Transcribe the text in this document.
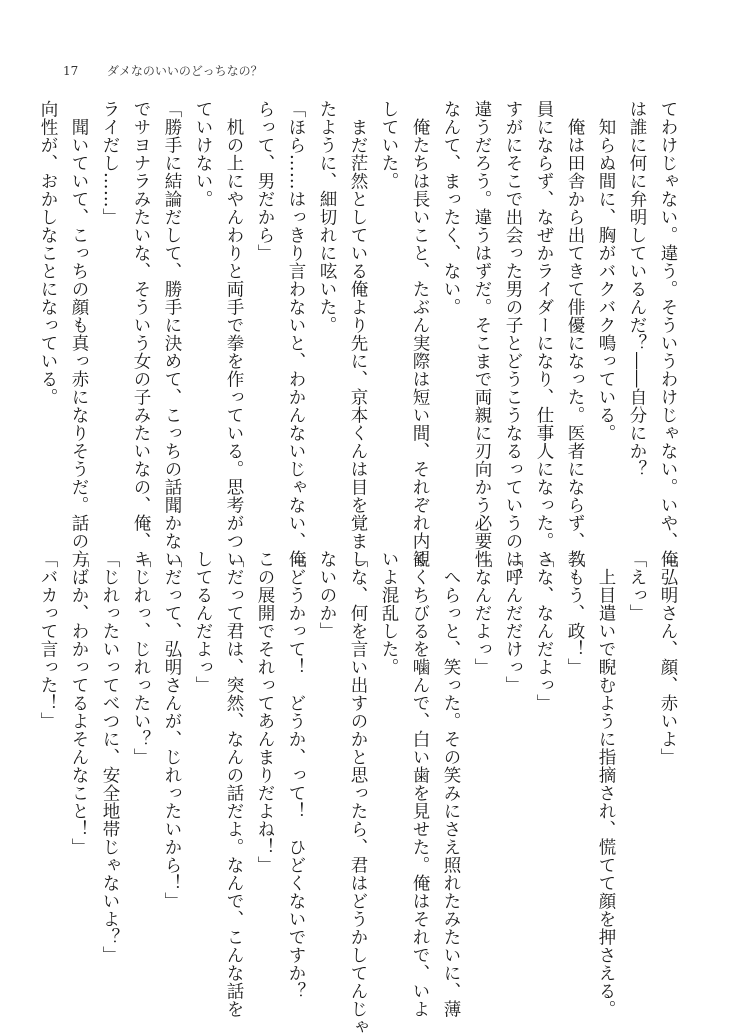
17 ダメなのいいのどっちなの？
てわけじゃない。違う。そういうわけじゃない。いや、俺
は誰に何に弁明しているんだ？――自分にか？
　知らぬ間に、胸がバクバク鳴っている。
　俺は田舎から出てきて俳優になった。医者にならず、教
員にならず、なぜかライダーになり、仕事人になった。さ
すがにそこで出会った男の子とどうこうなるっていうのは、
違うだろう。違うはずだ。そこまで両親に刃向かう必要性
なんて、まったく、ない。
　俺たちは長いこと、たぶん実際は短い間、それぞれ内観
していた。
　まだ茫然としている俺より先に、京本くんは目を覚まし
たように、細切れに呟いた。
「ほら……はっきり言わないと、わかんないじゃない、俺
らって、男だから」
　机の上にやんわりと両手で拳を作っている。思考がつい
ていけない。
「勝手に結論だして、勝手に決めて、こっちの話聞かない
でサヨナラみたいな、そういう女の子みたいなの、俺、キ
ライだし……」
　聞いていて、こっちの顔も真っ赤になりそうだ。話の方
向性が、おかしなことになっている。
「弘明さん、顔、赤いよ」
「えっ」
　上目遣いで睨むように指摘され、慌てて顔を押さえる。
「もう、政！」
「な、なんだよっ」
「呼んだだけっ」
「なんだよっ」
　へらっと、笑った。その笑みにさえ照れたみたいに、薄
くくちびるを噛んで、白い歯を見せた。俺はそれで、いよ
いよ混乱した。
「な、何を言い出すのかと思ったら、君はどうかしてんじゃ
ないのか」
「どうかって！　どうか、って！　ひどくないですか？
この展開でそれってあんまりだよね！」
「だって君は、突然、なんの話だよ。なんで、こんな話を
してるんだよっ」
「だって、弘明さんが、じれったいから！」
「じれっ、じれったい？」
「じれったいってべつに、安全地帯じゃないよ？」
「ばか、わかってるよそんなこと！」
「バカって言った！」
